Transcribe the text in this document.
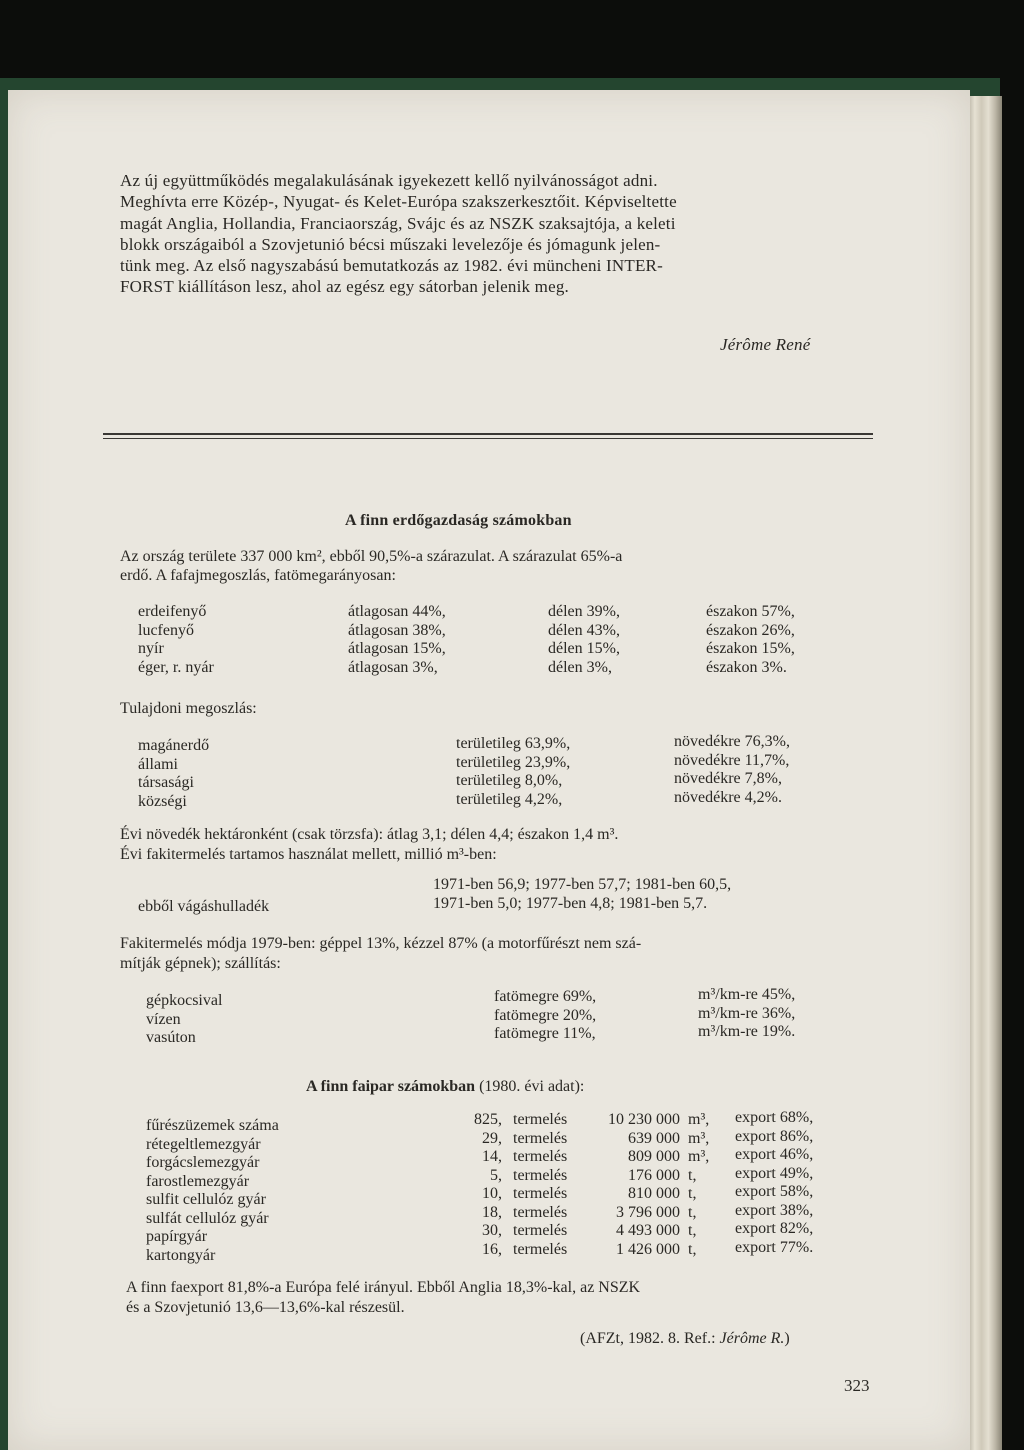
Az új együttműködés megalakulásának igyekezett kellő nyilvánosságot adni.
Meghívta erre Közép-, Nyugat- és Kelet-Európa szakszerkesztőit. Képviseltette
magát Anglia, Hollandia, Franciaország, Svájc és az NSZK szaksajtója, a keleti
blokk országaiból a Szovjetunió bécsi műszaki levelezője és jómagunk jelen-
tünk meg. Az első nagyszabású bemutatkozás az 1982. évi müncheni INTER-
FORST kiállításon lesz, ahol az egész egy sátorban jelenik meg.
Jérôme René
A finn erdőgazdaság számokban
Az ország területe 337 000 km², ebből 90,5%-a szárazulat. A szárazulat 65%-a
erdő. A fafajmegoszlás, fatömegarányosan:
erdeifenyő
lucfenyő
nyír
éger, r. nyár
átlagosan 44%,
átlagosan 38%,
átlagosan 15%,
átlagosan 3%,
délen 39%,
délen 43%,
délen 15%,
délen 3%,
északon 57%,
északon 26%,
északon 15%,
északon 3%.
Tulajdoni megoszlás:
magánerdő
állami
társasági
községi
területileg 63,9%,
területileg 23,9%,
területileg 8,0%,
területileg 4,2%,
növedékre 76,3%,
növedékre 11,7%,
növedékre 7,8%,
növedékre 4,2%.
Évi növedék hektáronként (csak törzsfa): átlag 3,1; délen 4,4; északon 1,4 m³.
Évi fakitermelés tartamos használat mellett, millió m³-ben:
1971-ben 56,9; 1977-ben 57,7; 1981-ben 60,5,
ebből vágáshulladék	1971-ben 5,0; 1977-ben 4,8; 1981-ben 5,7.
Fakitermelés módja 1979-ben: géppel 13%, kézzel 87% (a motorfűrészt nem szá-
mítják gépnek); szállítás:
gépkocsival
vízen
vasúton
fatömegre 69%,
fatömegre 20%,
fatömegre 11%,
m³/km-re 45%,
m³/km-re 36%,
m³/km-re 19%.
A finn faipar számokban (1980. évi adat):
fűrészüzemek száma
rétegeltlemezgyár
forgácslemezgyár
farostlemezgyár
sulfit cellulóz gyár
sulfát cellulóz gyár
papírgyár
kartongyár
825,
29,
14,
5,
10,
18,
30,
16,
termelés
termelés
termelés
termelés
termelés
termelés
termelés
termelés
10 230 000
639 000
809 000
176 000
810 000
3 796 000
4 493 000
1 426 000
m³,
m³,
m³,
t,
t,
t,
t,
t,
export 68%,
export 86%,
export 46%,
export 49%,
export 58%,
export 38%,
export 82%,
export 77%.
A finn faexport 81,8%-a Európa felé irányul. Ebből Anglia 18,3%-kal, az NSZK
és a Szovjetunió 13,6—13,6%-kal részesül.
(AFZt, 1982. 8. Ref.: Jérôme R.)
323
